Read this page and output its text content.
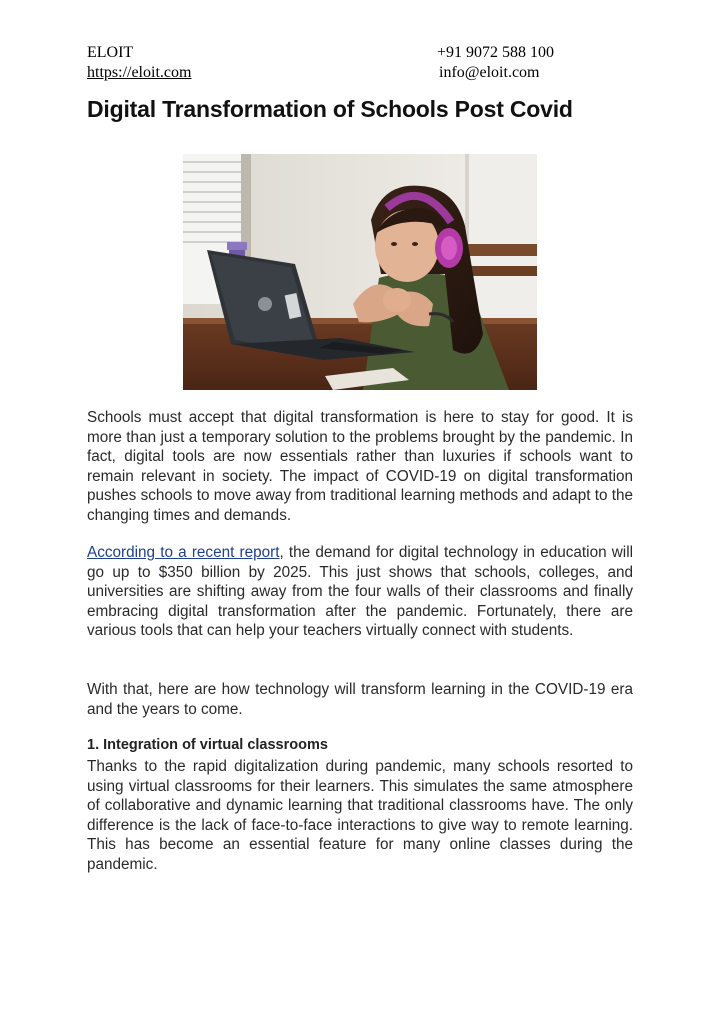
ELOIT
https://eloit.com
+91 9072 588 100
info@eloit.com
Digital Transformation of Schools Post Covid

Schools must accept that digital transformation is here to stay for good. It is more than just a temporary solution to the problems brought by the pandemic. In fact, digital tools are now essentials rather than luxuries if schools want to remain relevant in society. The impact of COVID-19 on digital transformation pushes schools to move away from traditional learning methods and adapt to the changing times and demands.

According to a recent report, the demand for digital technology in education will go up to $350 billion by 2025. This just shows that schools, colleges, and universities are shifting away from the four walls of their classrooms and finally embracing digital transformation after the pandemic. Fortunately, there are various tools that can help your teachers virtually connect with students.

With that, here are how technology will transform learning in the COVID-19 era and the years to come.

1. Integration of virtual classrooms

Thanks to the rapid digitalization during pandemic, many schools resorted to using virtual classrooms for their learners. This simulates the same atmosphere of collaborative and dynamic learning that traditional classrooms have. The only difference is the lack of face-to-face interactions to give way to remote learning. This has become an essential feature for many online classes during the pandemic.
